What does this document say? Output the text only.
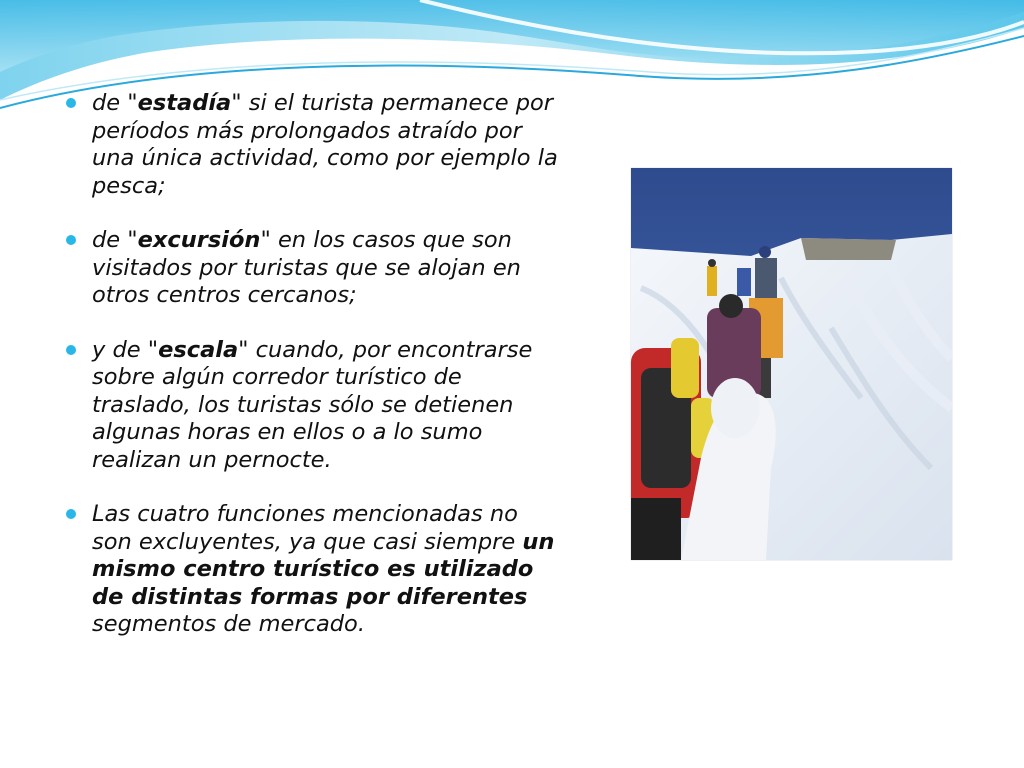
de "estadía" si el turista permanece por períodos más prolongados atraído por una única actividad, como por ejemplo la pesca;
de "excursión" en los casos que son visitados por turistas que se alojan en otros centros cercanos;
y de "escala" cuando, por encontrarse sobre algún corredor turístico de traslado, los turistas sólo se detienen algunas horas en ellos o a lo sumo realizan un pernocte.
Las cuatro funciones mencionadas no son excluyentes, ya que casi siempre un mismo centro turístico es utilizado de distintas formas por diferentes segmentos de mercado.
